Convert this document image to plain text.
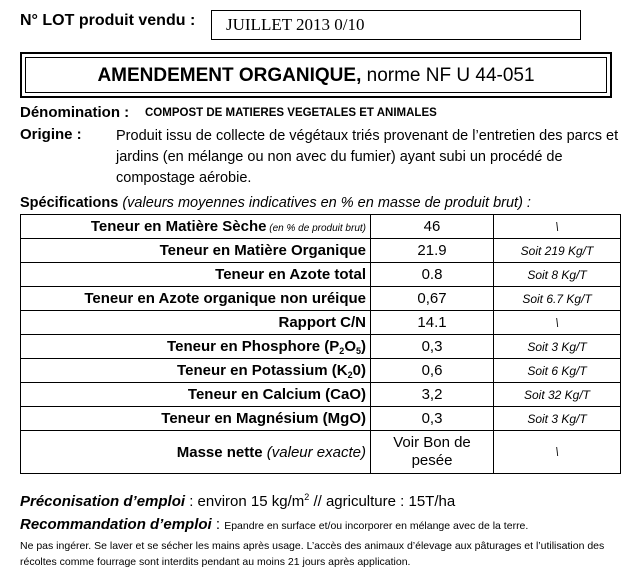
N° LOT produit vendu :	JUILLET 2013 0/10
AMENDEMENT ORGANIQUE, norme NF U 44-051
Dénomination : COMPOST DE MATIERES VEGETALES ET ANIMALES
Origine : Produit issu de collecte de végétaux triés provenant de l’entretien des parcs et jardins (en mélange ou non avec du fumier) ayant subi un procédé de compostage aérobie.
Spécifications (valeurs moyennes indicatives en % en masse de produit brut) :
Teneur en Matière Sèche (en % de produit brut)	46	\
Teneur en Matière Organique	21.9	Soit 219 Kg/T
Teneur en Azote total	0.8	Soit 8 Kg/T
Teneur en Azote organique non uréique	0,67	Soit 6.7 Kg/T
Rapport C/N	14.1	\
Teneur en Phosphore $(P_2O_5)$	0,3	Soit 3 Kg/T
Teneur en Potassium $(K_20)$	0,6	Soit 6 Kg/T
Teneur en Calcium (CaO)	3,2	Soit 32 Kg/T
Teneur en Magnésium (MgO)	0,3	Soit 3 Kg/T
Masse nette (valeur exacte)	Voir Bon de pesée	\
Préconisation d’emploi : environ 15 $kg/m^2$ // agriculture : 15T/ha
Recommandation d’emploi : Epandre en surface et/ou incorporer en mélange avec de la terre.
Ne pas ingérer. Se laver et se sécher les mains après usage. L’accès des animaux d’élevage aux pâturages et l’utilisation des récoltes comme fourrage sont interdits pendant au moins 21 jours après application.
